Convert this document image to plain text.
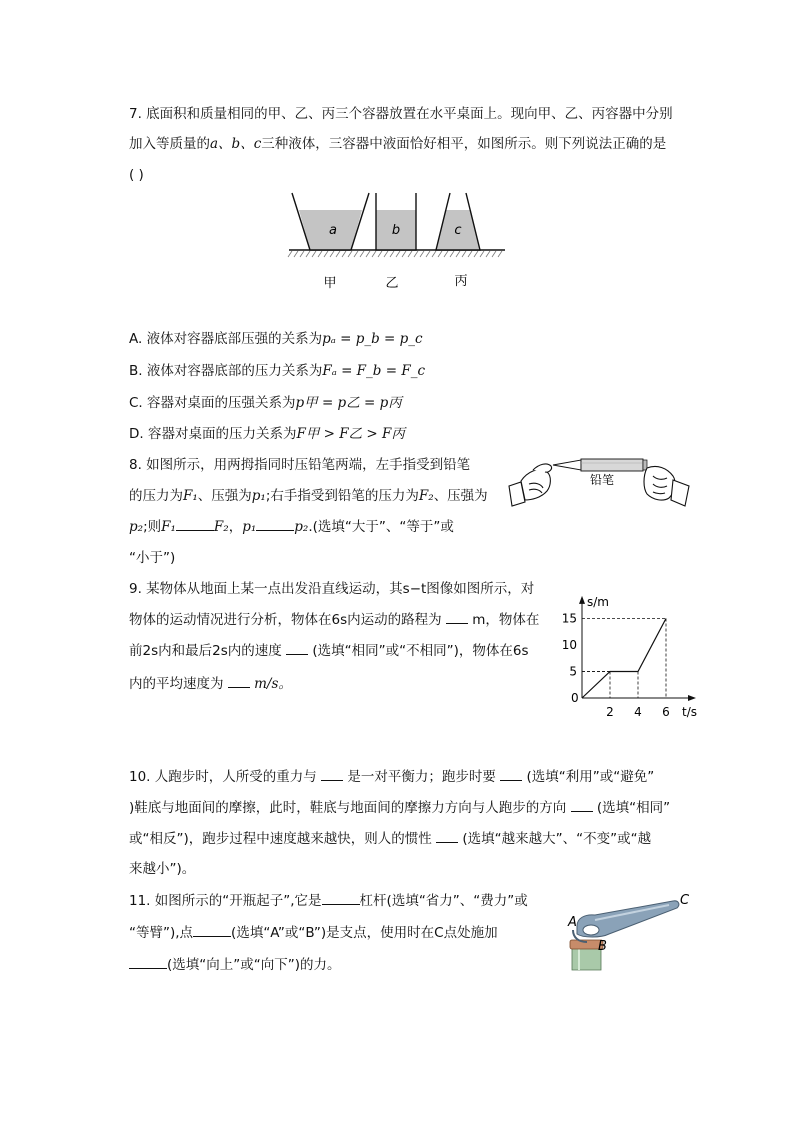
7. 底面积和质量相同的甲、乙、丙三个容器放置在水平桌面上。现向甲、乙、丙容器中分别
加入等质量的a、b、c三种液体，三容器中液面恰好相平，如图所示。则下列说法正确的是
( )
a	b	c
甲	乙	丙
A. 液体对容器底部压强的关系为pₐ = p_b = p_c
B. 液体对容器底部的压力关系为Fₐ = F_b = F_c
C. 容器对桌面的压强关系为p甲 = p乙 = p丙
D. 容器对桌面的压力关系为F甲 > F乙 > F丙
8. 如图所示，用两拇指同时压铅笔两端，左手指受到铅笔
的压力为F₁、压强为p₁;右手指受到铅笔的压力为F₂、压强为
p₂;则F₁	F₂，p₁	p₂.(选填“大于”、“等于”或
“小于”)
铅笔
9. 某物体从地面上某一点出发沿直线运动，其s−t图像如图所示，对
物体的运动情况进行分析，物体在6s内运动的路程为 m，物体在
前2s内和最后2s内的速度 (选填“相同”或“不相同”)，物体在6s
内的平均速度为 m/s。
s/m
t/s
0
2 4 6
5
10
15
10. 人跑步时，人所受的重力与 是一对平衡力；跑步时要 (选填“利用”或“避免”
)鞋底与地面间的摩擦，此时，鞋底与地面间的摩擦力方向与人跑步的方向 (选填“相同”
或“相反”)，跑步过程中速度越来越快，则人的惯性 (选填“越来越大”、“不变”或“越
来越小”)。
11. 如图所示的“开瓶起子”,它是	杠杆(选填“省力”、“费力”或
“等臂”),点	(选填“A”或“B”)是支点，使用时在C点处施加
(选填“向上”或“向下”)的力。
A
B
C
